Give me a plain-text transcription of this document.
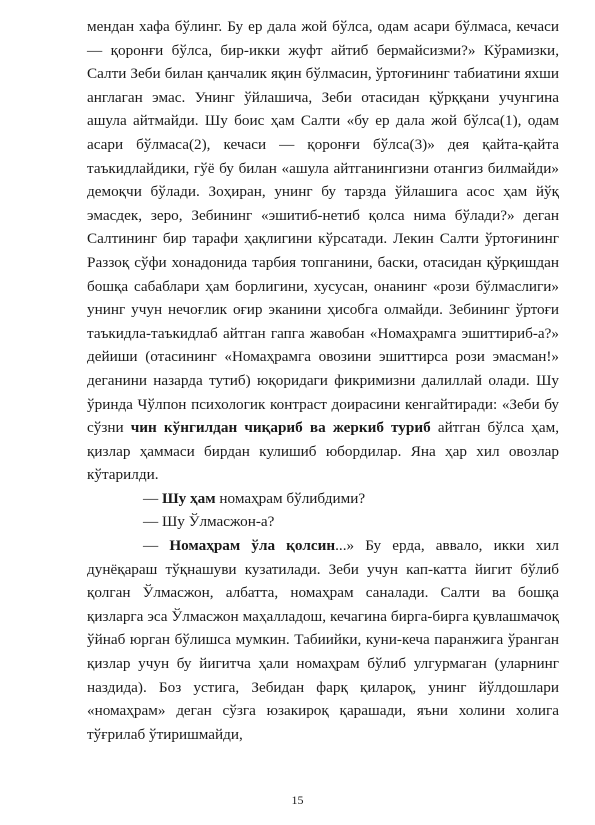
мендан хафа бўлинг. Бу ер дала жой бўлса, одам асари бўлмаса, кечаси — қоронғи бўлса, бир-икки жуфт айтиб бермайсизми?» Кўрамизки, Салти Зеби билан қанчалик яқин бўлмасин, ўртоғининг табиатини яхши англаган эмас. Унинг ўйлашича, Зеби отасидан қўрққани учунгина ашула айтмайди. Шу боис ҳам Салти «бу ер дала жой бўлса(1), одам асари бўлмаса(2), кечаси — қоронғи бўлса(3)» дея қайта-қайта таъкидлайдики, гўё бу билан «ашула айтганингизни отангиз билмайди» демоқчи бўлади. Зоҳиран, унинг бу тарзда ўйлашига асос ҳам йўқ эмасдек, зеро, Зебининг «эшитиб-нетиб қолса нима бўлади?» деган Салтининг бир тарафи ҳақлигини кўрсатади. Лекин Салти ўртоғининг Раззоқ сўфи хонадонида тарбия топганини, баски, отасидан қўрқишдан бошқа сабаблари ҳам борлигини, хусусан, онанинг «рози бўлмаслиги» унинг учун нечоғлик оғир эканини ҳисобга олмайди. Зебининг ўртоғи таъкидла-таъкидлаб айтган гапга жавобан «Номаҳрамга эшиттириб-а?» дейиши (отасининг «Номаҳрамга овозини эшиттирса рози эмасман!» деганини назарда тутиб) юқоридаги фикримизни далиллай олади. Шу ўринда Чўлпон психологик контраст доирасини кенгайтиради: «Зеби бу сўзни чин кўнгилдан чиқариб ва жеркиб туриб айтган бўлса ҳам, қизлар ҳаммаси бирдан кулишиб юбордилар. Яна ҳар хил овозлар кўтарилди.

— Шу ҳам номаҳрам бўлибдими?

— Шу Ўлмасжон-а?

— Номаҳрам ўла қолсин...» Бу ерда, аввало, икки хил дунёқараш тўқнашуви кузатилади. Зеби учун кап-катта йигит бўлиб қолган Ўлмасжон, албатта, номаҳрам саналади. Салти ва бошқа қизларга эса Ўлмасжон маҳалладош, кечагина бирга-бирга қувлашмачоқ ўйнаб юрган бўлишса мумкин. Табиийки, куни-кеча паранжига ўранган қизлар учун бу йигитча ҳали номаҳрам бўлиб улгурмаган (уларнинг наздида). Боз устига, Зебидан фарқ қилароқ, унинг йўлдошлари «номаҳрам» деган сўзга юзакироқ қарашади, яъни холини холига тўғрилаб ўтиришмайди,

15
